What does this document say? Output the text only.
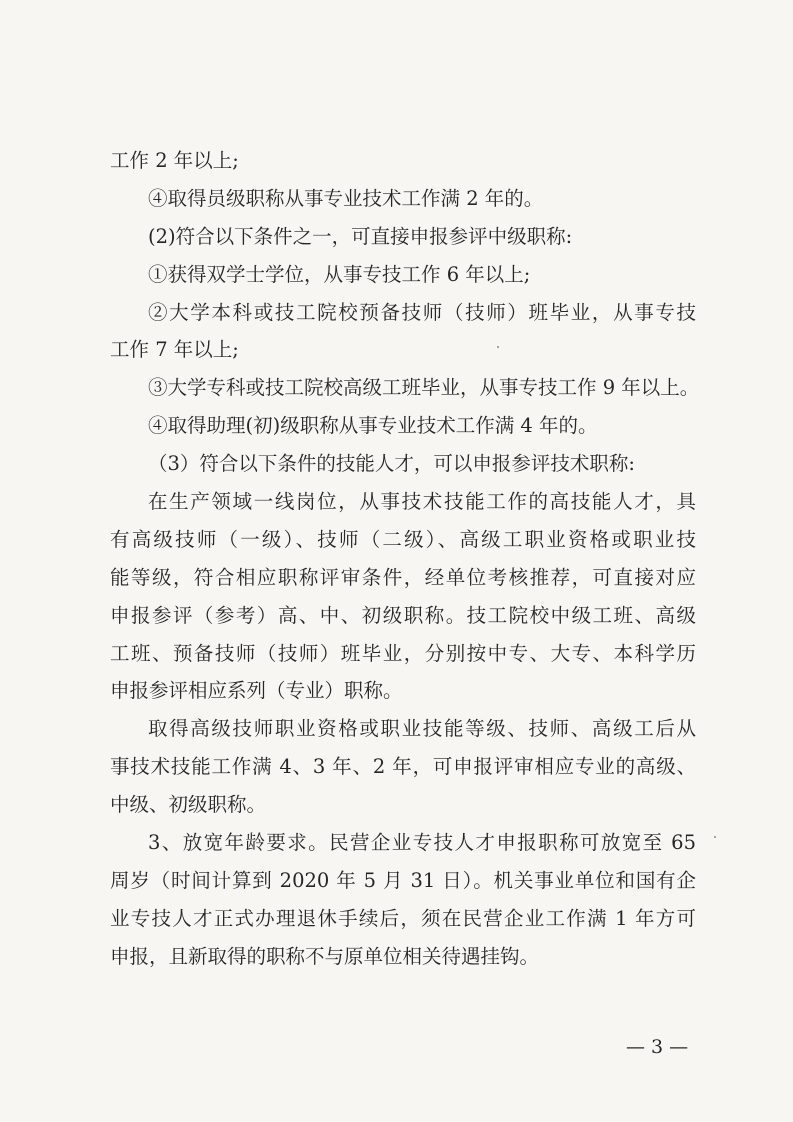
工作 2 年以上;
④取得员级职称从事专业技术工作满 2 年的。
(2)符合以下条件之一，可直接申报参评中级职称:
①获得双学士学位，从事专技工作 6 年以上;
②大学本科或技工院校预备技师（技师）班毕业，从事专技
工作 7 年以上;
③大学专科或技工院校高级工班毕业，从事专技工作 9 年以上。
④取得助理(初)级职称从事专业技术工作满 4 年的。
（3）符合以下条件的技能人才，可以申报参评技术职称:
在生产领域一线岗位，从事技术技能工作的高技能人才，具
有高级技师（一级）、技师（二级）、高级工职业资格或职业技
能等级，符合相应职称评审条件，经单位考核推荐，可直接对应
申报参评（参考）高、中、初级职称。技工院校中级工班、高级
工班、预备技师（技师）班毕业，分别按中专、大专、本科学历
申报参评相应系列（专业）职称。
取得高级技师职业资格或职业技能等级、技师、高级工后从
事技术技能工作满 4、3 年、2 年，可申报评审相应专业的高级、
中级、初级职称。
3、放宽年龄要求。民营企业专技人才申报职称可放宽至 65
周岁（时间计算到 2020 年 5 月 31 日）。机关事业单位和国有企
业专技人才正式办理退休手续后，须在民营企业工作满 1 年方可
申报，且新取得的职称不与原单位相关待遇挂钩。
— 3 —
